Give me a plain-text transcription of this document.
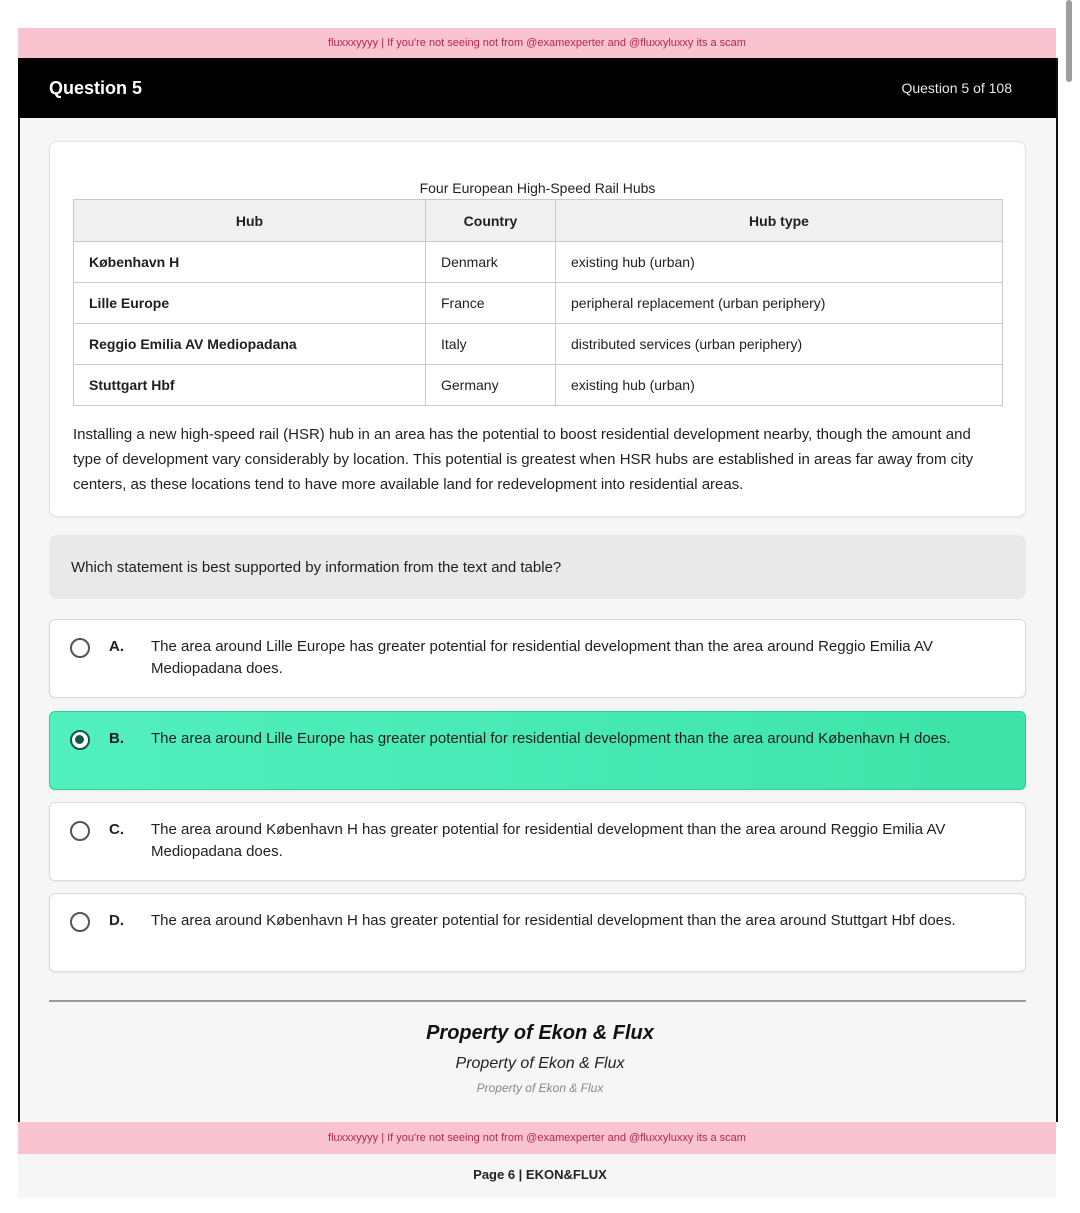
fluxxxyyyy | If you're not seeing not from @examexperter and @fluxxyluxxy its a scam
Question 5	Question 5 of 108
Four European High-Speed Rail Hubs
Hub	Country	Hub type
København H	Denmark	existing hub (urban)
Lille Europe	France	peripheral replacement (urban periphery)
Reggio Emilia AV Mediopadana	Italy	distributed services (urban periphery)
Stuttgart Hbf	Germany	existing hub (urban)
Installing a new high-speed rail (HSR) hub in an area has the potential to boost residential development nearby, though the amount and type of development vary considerably by location. This potential is greatest when HSR hubs are established in areas far away from city centers, as these locations tend to have more available land for redevelopment into residential areas.
Which statement is best supported by information from the text and table?
A. The area around Lille Europe has greater potential for residential development than the area around Reggio Emilia AV Mediopadana does.
B. The area around Lille Europe has greater potential for residential development than the area around København H does.
C. The area around København H has greater potential for residential development than the area around Reggio Emilia AV Mediopadana does.
D. The area around København H has greater potential for residential development than the area around Stuttgart Hbf does.
Property of Ekon & Flux
Property of Ekon & Flux
Property of Ekon & Flux
fluxxxyyyy | If you're not seeing not from @examexperter and @fluxxyluxxy its a scam
Page 6 | EKON&FLUX
